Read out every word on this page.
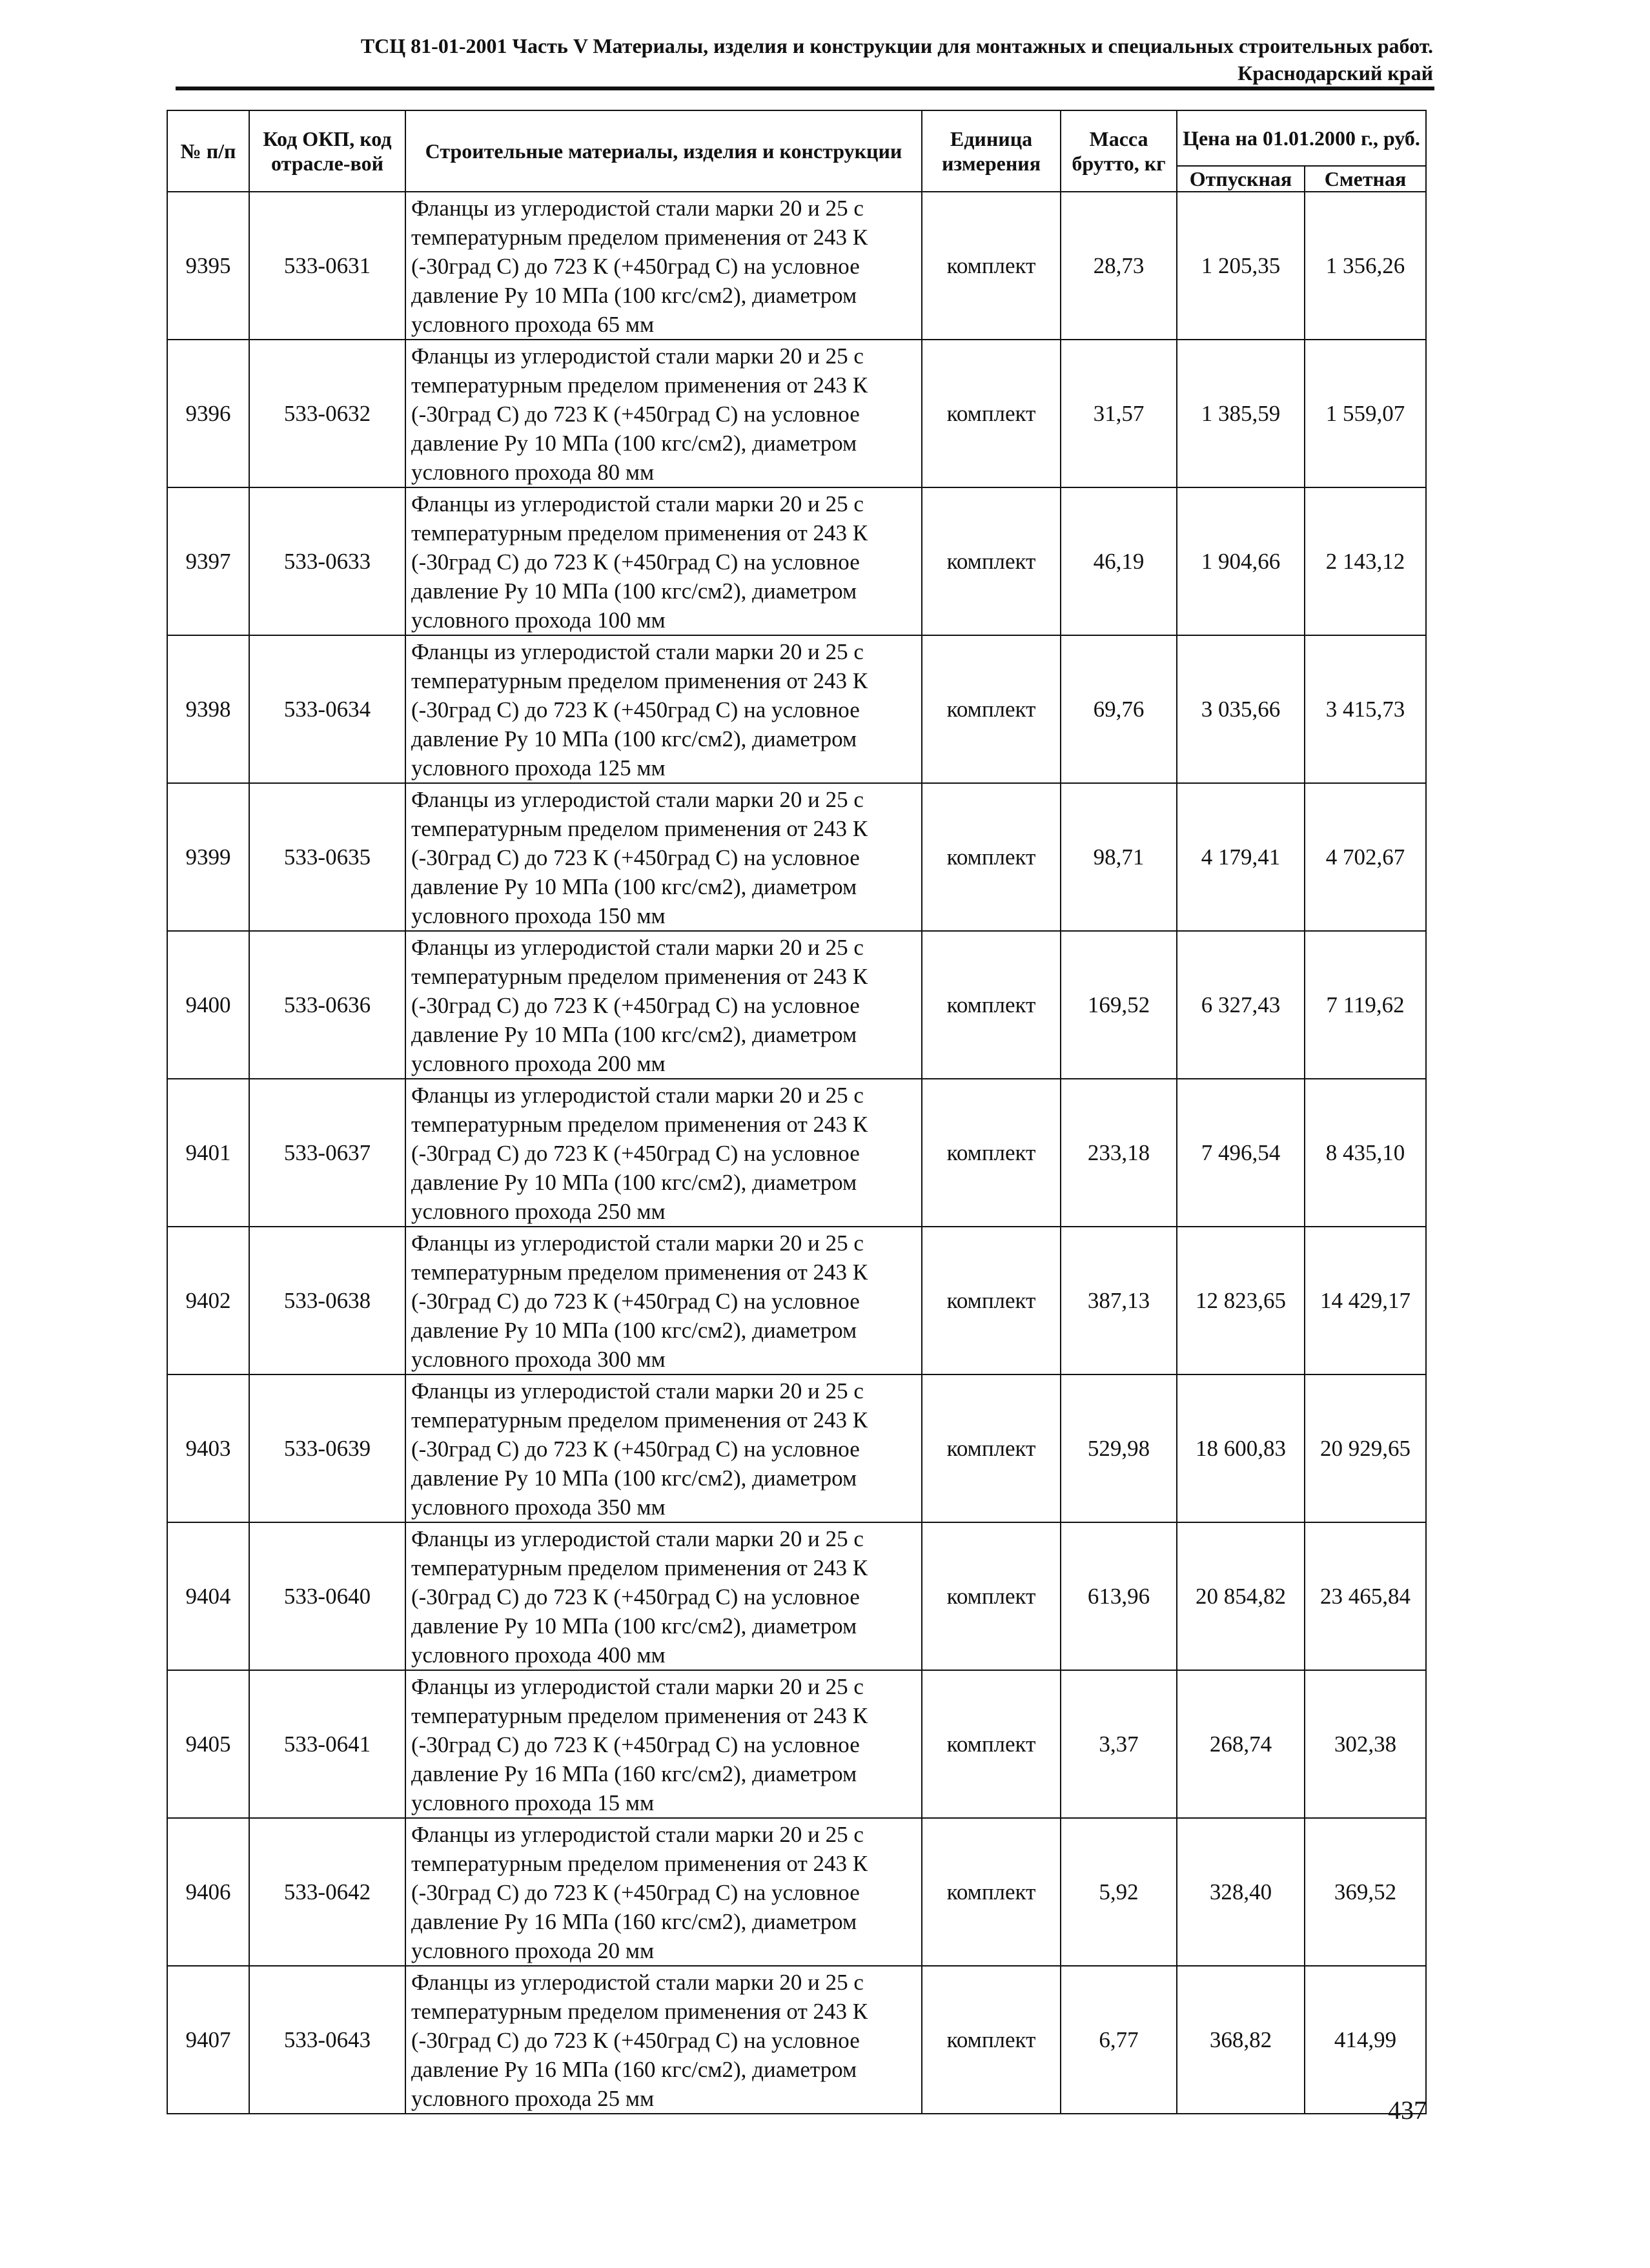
ТСЦ 81-01-2001 Часть V Материалы, изделия и конструкции для монтажных и специальных строительных работ.
Краснодарский край
№ п/п	Код ОКП, код отрасле-вой	Строительные материалы, изделия и конструкции	Единица измерения	Масса брутто, кг	Цена на 01.01.2000 г., руб.	
					Отпускная	Сметная
9395	533-0631	Фланцы из углеродистой стали марки 20 и 25 с температурным пределом применения от 243 К (-30град С) до 723 К (+450град С) на условное давление Ру 10 МПа (100 кгс/см2), диаметром условного прохода 65 мм	комплект	28,73	1 205,35	1 356,26
9396	533-0632	Фланцы из углеродистой стали марки 20 и 25 с температурным пределом применения от 243 К (-30град С) до 723 К (+450град С) на условное давление Ру 10 МПа (100 кгс/см2), диаметром условного прохода 80 мм	комплект	31,57	1 385,59	1 559,07
9397	533-0633	Фланцы из углеродистой стали марки 20 и 25 с температурным пределом применения от 243 К (-30град С) до 723 К (+450град С) на условное давление Ру 10 МПа (100 кгс/см2), диаметром условного прохода 100 мм	комплект	46,19	1 904,66	2 143,12
9398	533-0634	Фланцы из углеродистой стали марки 20 и 25 с температурным пределом применения от 243 К (-30град С) до 723 К (+450град С) на условное давление Ру 10 МПа (100 кгс/см2), диаметром условного прохода 125 мм	комплект	69,76	3 035,66	3 415,73
9399	533-0635	Фланцы из углеродистой стали марки 20 и 25 с температурным пределом применения от 243 К (-30град С) до 723 К (+450град С) на условное давление Ру 10 МПа (100 кгс/см2), диаметром условного прохода 150 мм	комплект	98,71	4 179,41	4 702,67
9400	533-0636	Фланцы из углеродистой стали марки 20 и 25 с температурным пределом применения от 243 К (-30град С) до 723 К (+450град С) на условное давление Ру 10 МПа (100 кгс/см2), диаметром условного прохода 200 мм	комплект	169,52	6 327,43	7 119,62
9401	533-0637	Фланцы из углеродистой стали марки 20 и 25 с температурным пределом применения от 243 К (-30град С) до 723 К (+450град С) на условное давление Ру 10 МПа (100 кгс/см2), диаметром условного прохода 250 мм	комплект	233,18	7 496,54	8 435,10
9402	533-0638	Фланцы из углеродистой стали марки 20 и 25 с температурным пределом применения от 243 К (-30град С) до 723 К (+450град С) на условное давление Ру 10 МПа (100 кгс/см2), диаметром условного прохода 300 мм	комплект	387,13	12 823,65	14 429,17
9403	533-0639	Фланцы из углеродистой стали марки 20 и 25 с температурным пределом применения от 243 К (-30град С) до 723 К (+450град С) на условное давление Ру 10 МПа (100 кгс/см2), диаметром условного прохода 350 мм	комплект	529,98	18 600,83	20 929,65
9404	533-0640	Фланцы из углеродистой стали марки 20 и 25 с температурным пределом применения от 243 К (-30град С) до 723 К (+450град С) на условное давление Ру 10 МПа (100 кгс/см2), диаметром условного прохода 400 мм	комплект	613,96	20 854,82	23 465,84
9405	533-0641	Фланцы из углеродистой стали марки 20 и 25 с температурным пределом применения от 243 К (-30град С) до 723 К (+450град С) на условное давление Ру 16 МПа (160 кгс/см2), диаметром условного прохода 15 мм	комплект	3,37	268,74	302,38
9406	533-0642	Фланцы из углеродистой стали марки 20 и 25 с температурным пределом применения от 243 К (-30град С) до 723 К (+450град С) на условное давление Ру 16 МПа (160 кгс/см2), диаметром условного прохода 20 мм	комплект	5,92	328,40	369,52
9407	533-0643	Фланцы из углеродистой стали марки 20 и 25 с температурным пределом применения от 243 К (-30град С) до 723 К (+450град С) на условное давление Ру 16 МПа (160 кгс/см2), диаметром условного прохода 25 мм	комплект	6,77	368,82	414,99
437
